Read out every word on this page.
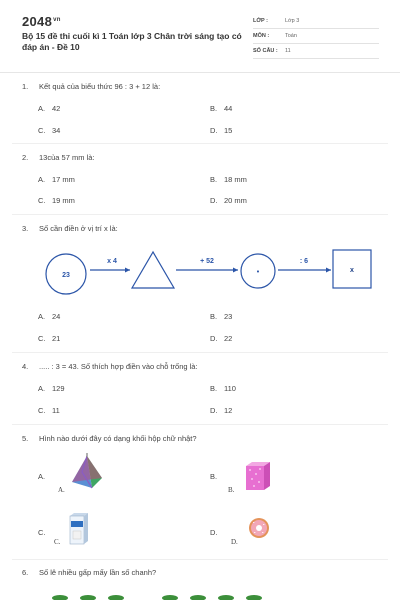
$2048^{vn}$
Bộ 15 đề thi cuối kì 1 Toán lớp 3 Chân trời sáng tạo có đáp án - Đề 10
LỚP :	Lớp 3
MÔN :	Toán
SỐ CÂU : 11
1. Kết quả của biểu thức 96 : 3 + 12 là:
A. 42	B. 44
C. 34	D. 15
2. 13của 57 mm là:
A. 17 mm	B. 18 mm
C. 19 mm	D. 20 mm
3. Số cần điền ở vị trí x là:
23
x 4	+ 52	: 6
•	x
A. 24	B. 23
C. 21	D. 22
4. ..... : 3 = 43. Số thích hợp điền vào chỗ trống là:
A. 129	B. 110
C. 11	D. 12
5. Hình nào dưới đây có dạng khối hộp chữ nhật?
A.
A.
B.
B.
C.
C.
D.
D.
6. Số lê nhiều gấp mấy lần số chanh?
